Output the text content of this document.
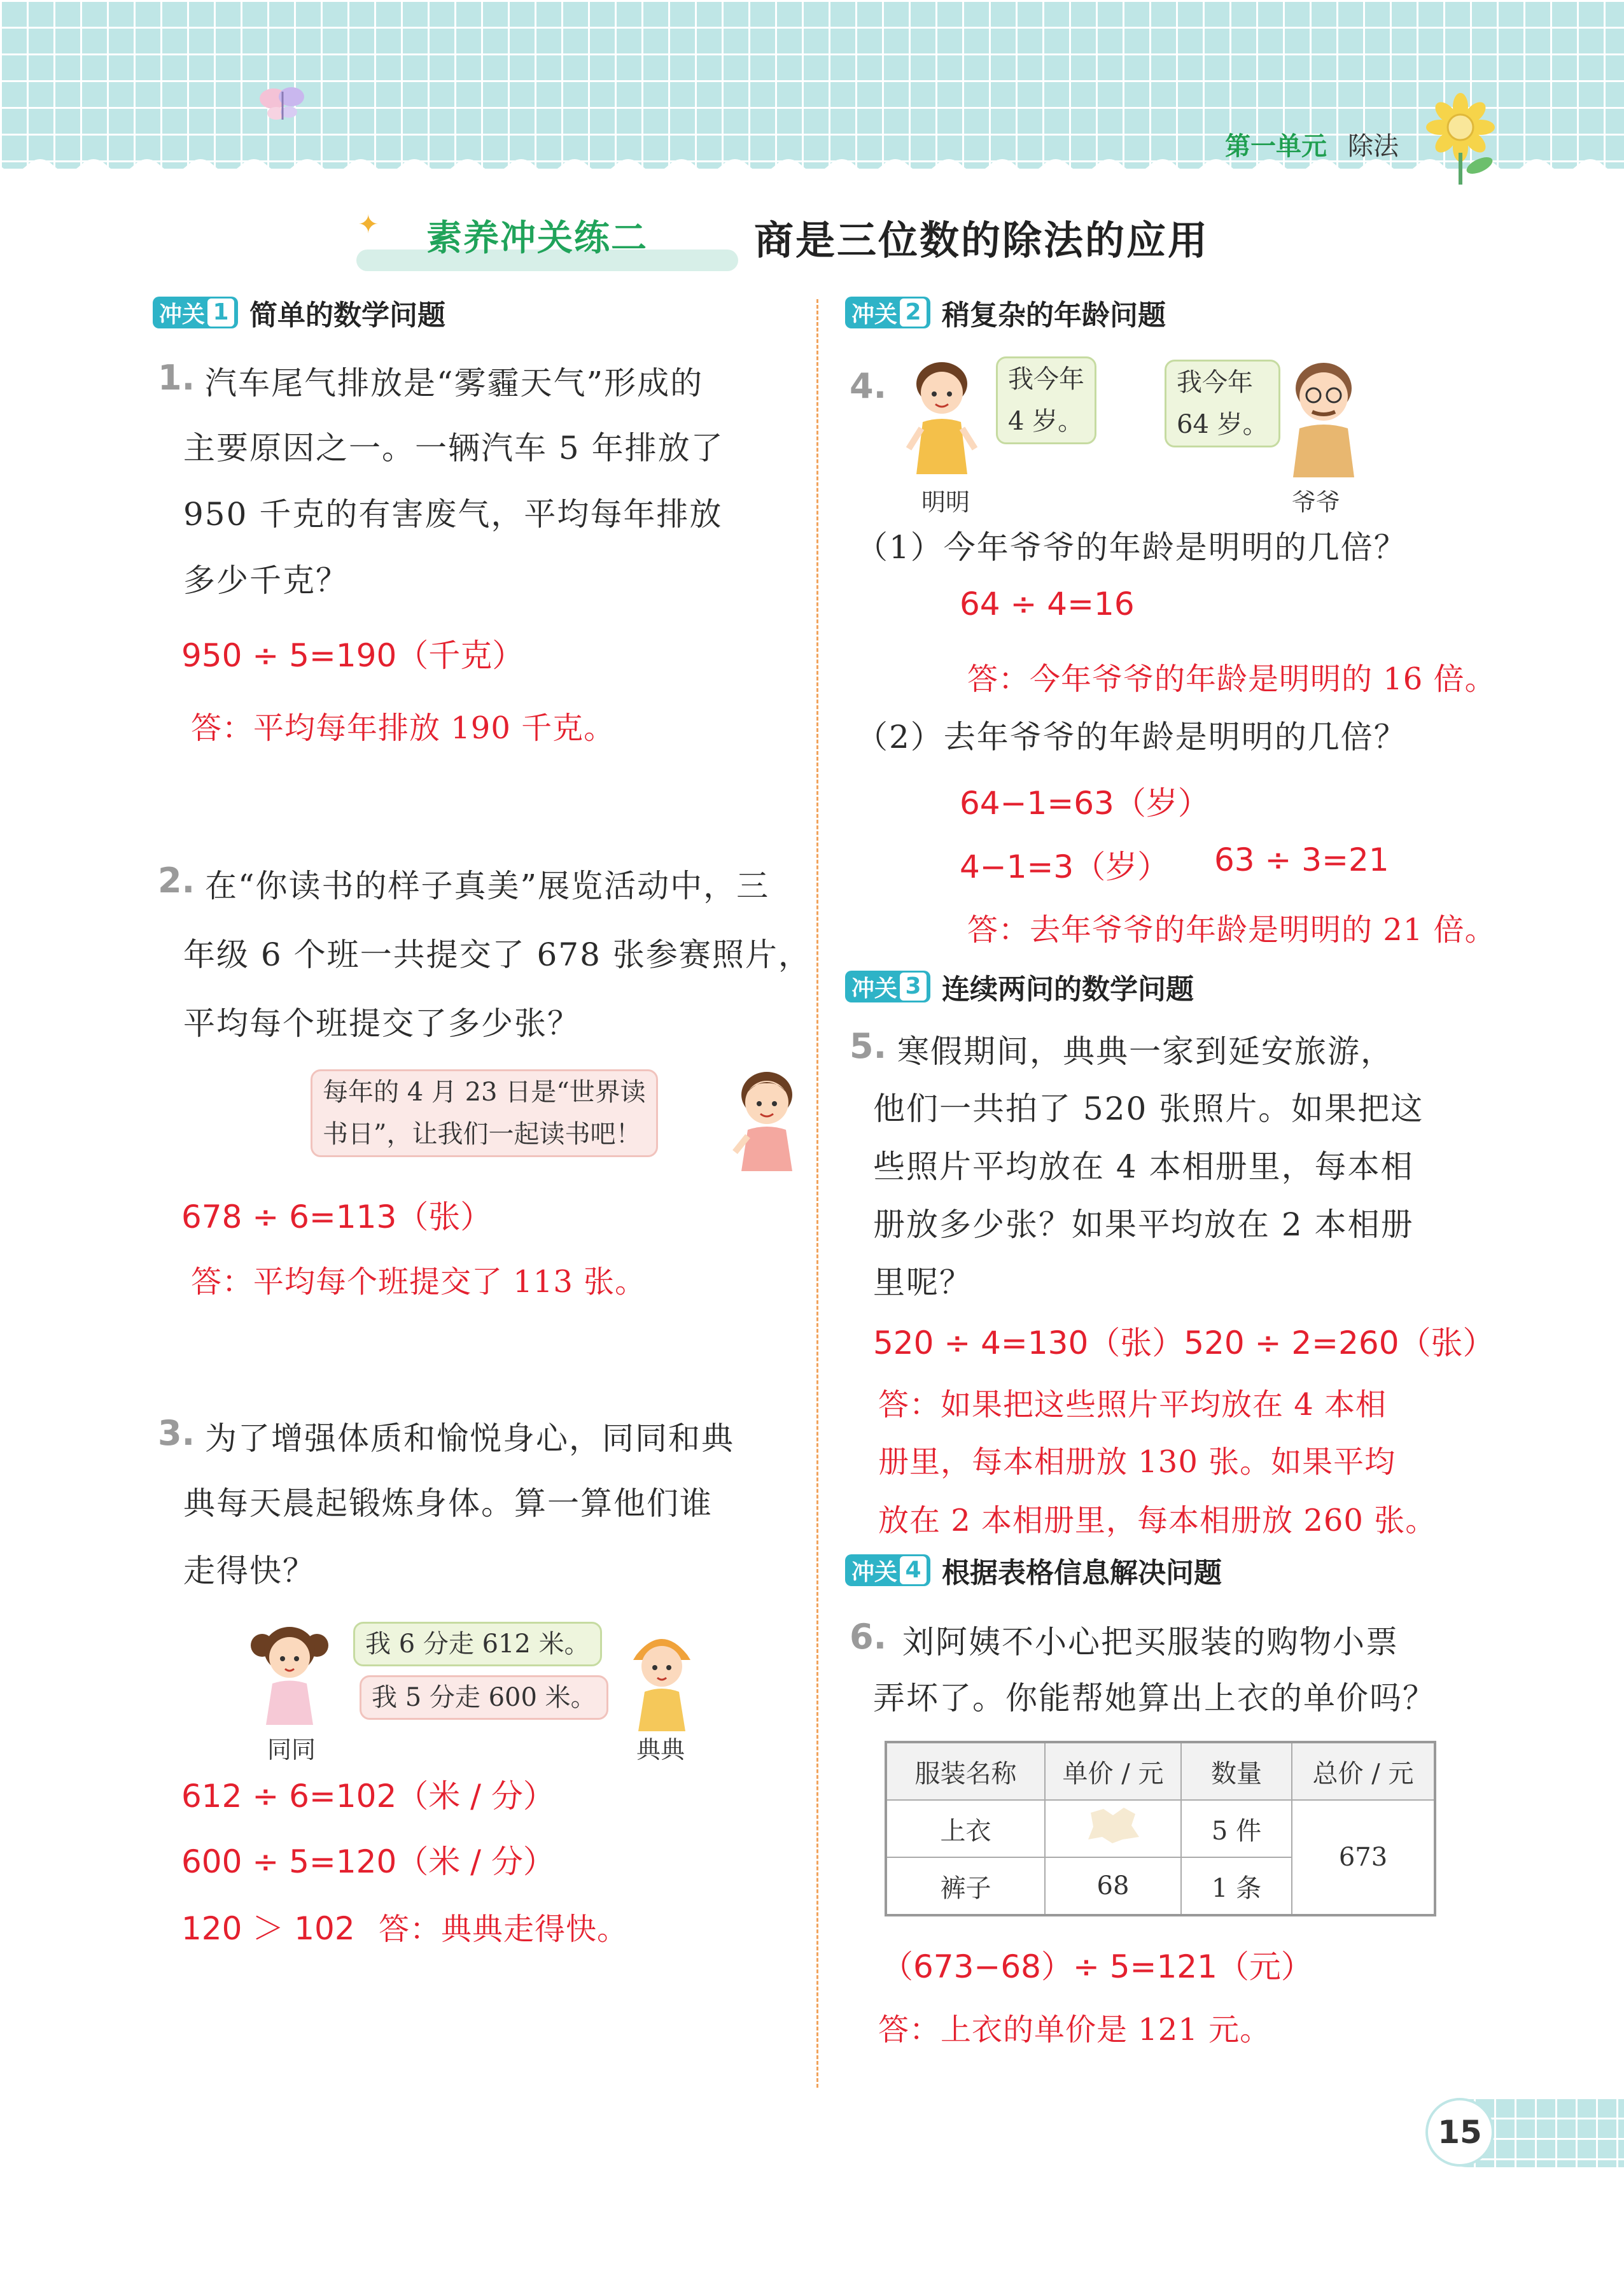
第一单元 除法
✦ 素养冲关练二	商是三位数的除法的应用
冲关 1 简单的数学问题
1. 汽车尾气排放是“雾霾天气”形成的
主要原因之一。一辆汽车 5 年排放了
950 千克的有害废气，平均每年排放
多少千克？
950 ÷ 5=190（千克）
答：平均每年排放 190 千克。
2. 在“你读书的样子真美”展览活动中，三
年级 6 个班一共提交了 678 张参赛照片，
平均每个班提交了多少张？
每年的 4 月 23 日是“世界读
书日”，让我们一起读书吧！
678 ÷ 6=113（张）
答：平均每个班提交了 113 张。
3. 为了增强体质和愉悦身心，同同和典
典每天晨起锻炼身体。算一算他们谁
走得快？
我 6 分走 612 米。
我 5 分走 600 米。
同同	典典
612 ÷ 6=102（米 / 分）
600 ÷ 5=120（米 / 分）
120 ＞ 102 答：典典走得快。
冲关 2 稍复杂的年龄问题
4.	我今年
4 岁。
我今年
64 岁。
明明	爷爷
（1）今年爷爷的年龄是明明的几倍？
64 ÷ 4=16
答：今年爷爷的年龄是明明的 16 倍。
（2）去年爷爷的年龄是明明的几倍？
64−1=63（岁）
4−1=3（岁） 63 ÷ 3=21
答：去年爷爷的年龄是明明的 21 倍。
冲关 3 连续两问的数学问题
5. 寒假期间，典典一家到延安旅游，
他们一共拍了 520 张照片。如果把这
些照片平均放在 4 本相册里，每本相
册放多少张？如果平均放在 2 本相册
里呢？
520 ÷ 4=130（张）520 ÷ 2=260（张）
答：如果把这些照片平均放在 4 本相
册里，每本相册放 130 张。如果平均
放在 2 本相册里，每本相册放 260 张。
冲关 4 根据表格信息解决问题
6. 刘阿姨不小心把买服装的购物小票
弄坏了。你能帮她算出上衣的单价吗？
服装名称	单价 / 元	数量	总价 / 元
上衣		5 件	673
裤子	68	1 条	
（673−68）÷ 5=121（元）
答：上衣的单价是 121 元。
15
